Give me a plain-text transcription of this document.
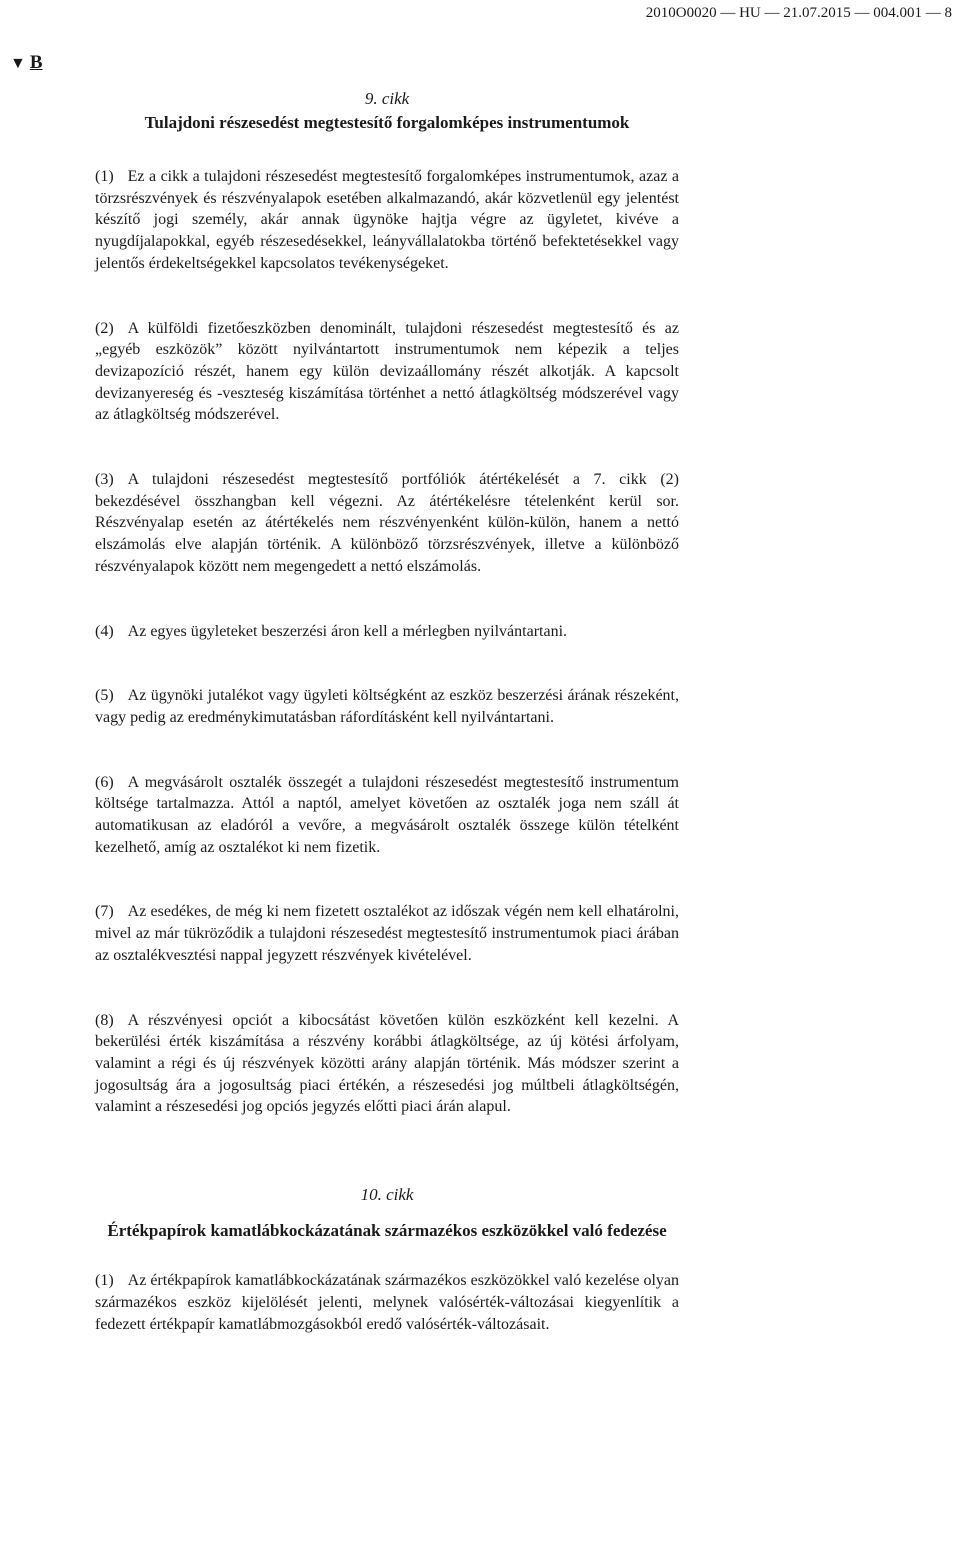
2010O0020 — HU — 21.07.2015 — 004.001 — 8
▼ B

9. cikk

Tulajdoni részesedést megtestesítő forgalomképes instrumentumok

(1) Ez a cikk a tulajdoni részesedést megtestesítő forgalomképes instrumentumok, azaz a törzsrészvények és részvényalapok esetében alkalmazandó, akár közvetlenül egy jelentést készítő jogi személy, akár annak ügynöke hajtja végre az ügyletet, kivéve a nyugdíjalapokkal, egyéb részesedésekkel, leányvállalatokba történő befektetésekkel vagy jelentős érdekeltségekkel kapcsolatos tevékenységeket.

(2) A külföldi fizetőeszközben denominált, tulajdoni részesedést megtestesítő és az „egyéb eszközök” között nyilvántartott instrumentumok nem képezik a teljes devizapozíció részét, hanem egy külön devizaállomány részét alkotják. A kapcsolt devizanyereség és -veszteség kiszámítása történhet a nettó átlagköltség módszerével vagy az átlagköltség módszerével.

(3) A tulajdoni részesedést megtestesítő portfóliók átértékelését a 7. cikk (2) bekezdésével összhangban kell végezni. Az átértékelésre tételenként kerül sor. Részvényalap esetén az átértékelés nem részvényenként külön-külön, hanem a nettó elszámolás elve alapján történik. A különböző törzsrészvények, illetve a különböző részvényalapok között nem megengedett a nettó elszámolás.

(4) Az egyes ügyleteket beszerzési áron kell a mérlegben nyilvántartani.

(5) Az ügynöki jutalékot vagy ügyleti költségként az eszköz beszerzési árának részeként, vagy pedig az eredménykimutatásban ráfordításként kell nyilvántartani.

(6) A megvásárolt osztalék összegét a tulajdoni részesedést megtestesítő instrumentum költsége tartalmazza. Attól a naptól, amelyet követően az osztalék joga nem száll át automatikusan az eladóról a vevőre, a megvásárolt osztalék összege külön tételként kezelhető, amíg az osztalékot ki nem fizetik.

(7) Az esedékes, de még ki nem fizetett osztalékot az időszak végén nem kell elhatárolni, mivel az már tükröződik a tulajdoni részesedést megtestesítő instrumentumok piaci árában az osztalékvesztési nappal jegyzett részvények kivételével.

(8) A részvényesi opciót a kibocsátást követően külön eszközként kell kezelni. A bekerülési érték kiszámítása a részvény korábbi átlagköltsége, az új kötési árfolyam, valamint a régi és új részvények közötti arány alapján történik. Más módszer szerint a jogosultság ára a jogosultság piaci értékén, a részesedési jog múltbeli átlagköltségén, valamint a részesedési jog opciós jegyzés előtti piaci árán alapul.

10. cikk

Értékpapírok kamatlábkockázatának származékos eszközökkel való fedezése

(1) Az értékpapírok kamatlábkockázatának származékos eszközökkel való kezelése olyan származékos eszköz kijelölését jelenti, melynek valósérték-változásai kiegyenlítik a fedezett értékpapír kamatlábmozgásokból eredő valósérték-változásait.
